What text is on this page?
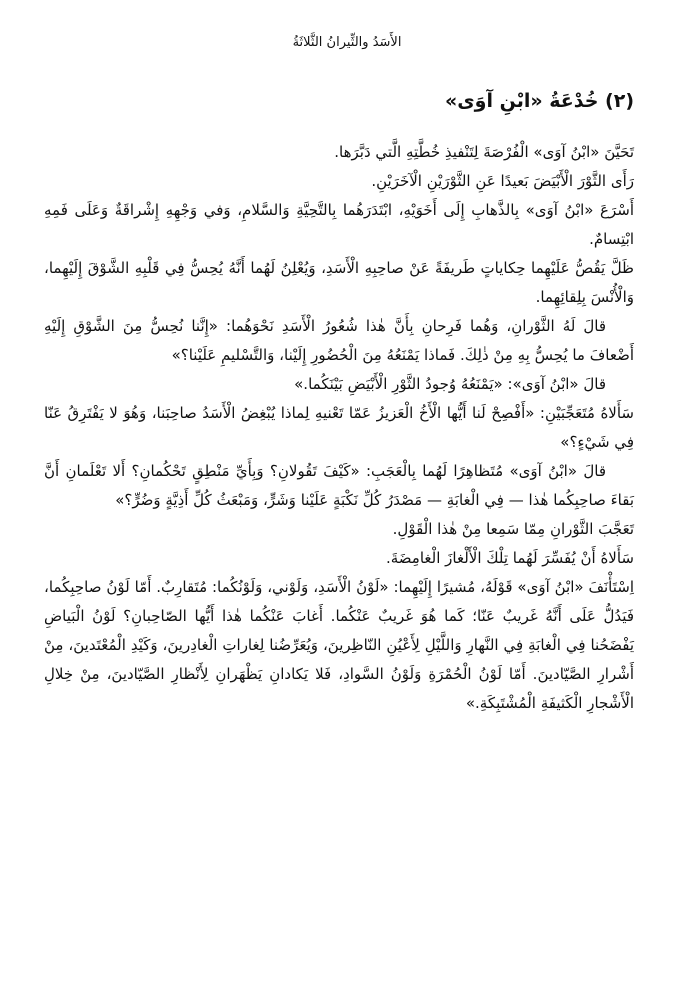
الأَسَدُ والثِّيرانُ الثَّلاثَةُ
(٢) خُدْعَةُ «ابْنِ آوَى»

تَحَيَّنَ «ابْنُ آوَى» الْفُرْصَةَ لِتَنْفيذِ خُطَّتِهِ الَّتي دَبَّرَها.

رَأَى الثَّوْرَ الْأَبْيَضَ بَعيدًا عَنِ الثَّوْرَيْنِ الْآخَرَيْنِ.

أَسْرَعَ «ابْنُ آوَى» بِالذَّهابِ إِلَى أَخَوَيْهِ، ابْتَدَرَهُما بِالتَّحِيَّةِ وَالسَّلامِ، وَفي وَجْهِهِ إِشْراقَةٌ وَعَلَى فَمِهِ ابْتِسامٌ.

ظَلَّ يَقُصُّ عَلَيْهِما حِكاياتٍ طَريفَةً عَنْ صاحِبِهِ الْأَسَدِ، وَيُعْلِنُ لَهُما أَنَّهُ يُحِسُّ فِي قَلْبِهِ الشَّوْقَ إِلَيْهِما، وَالْأُنْسَ بِلِقائِهِما.

قالَ لَهُ الثَّوْرانِ، وَهُما فَرِحانِ بِأَنَّ هٰذا شُعُورُ الْأَسَدِ نَحْوَهُما: «إِنَّنا نُحِسُّ مِنَ الشَّوْقِ إِلَيْهِ أَضْعافَ ما يُحِسُّ بِهِ مِنْ ذٰلِكَ. فَماذا يَمْنَعُهُ مِنَ الْحُضُورِ إِلَيْنا، وَالتَّسْليمِ عَلَيْنا؟»

قالَ «ابْنُ آوَى»: «يَمْنَعُهُ وُجودُ الثَّوْرِ الْأَبْيَضِ بَيْنَكُما.»

سَأَلاهُ مُتَعَجِّبَيْنِ: «أَفْصِحْ لَنا أَيُّها الْأَخُ الْعَزيزُ عَمّا تَعْنيهِ لِماذا يُبْغِضُ الْأَسَدُ صاحِبَنا، وَهُوَ لا يَفْتَرِقُ عَنّا فِي شَيْءٍ؟»

قالَ «ابْنُ آوَى» مُتَظاهِرًا لَهُما بِالْعَجَبِ: «كَيْفَ تَقُولانِ؟ وَبِأَيِّ مَنْطِقٍ تَحْكُمانِ؟ أَلا تَعْلَمانِ أَنَّ بَقاءَ صاحِبِكُما هٰذا — فِي الْغابَةِ — مَصْدَرُ كُلِّ نَكْبَةٍ عَلَيْنا وَشَرٍّ، وَمَبْعَثُ كُلِّ أَذِيَّةٍ وَضُرٍّ؟»

تَعَجَّبَ الثَّوْرانِ مِمّا سَمِعا مِنْ هٰذا الْقَوْلِ.

سَأَلاهُ أَنْ يُفَسِّرَ لَهُما تِلْكَ الْأَلْغازَ الْغامِضَةَ.

اِسْتَأْنَفَ «ابْنُ آوَى» قَوْلَهُ، مُشيرًا إِلَيْهِما: «لَوْنُ الْأَسَدِ، وَلَوْني، وَلَوْنُكُما: مُتَقارِبٌ. أَمّا لَوْنُ صاحِبِكُما، فَيَدُلُّ عَلَى أَنَّهُ غَريبٌ عَنّا؛ كَما هُوَ غَريبٌ عَنْكُما. أَغابَ عَنْكُما هٰذا أَيُّها الصّاحِبانِ؟ لَوْنُ الْبَياضِ يَفْضَحُنا فِي الْغابَةِ فِي النَّهارِ وَاللَّيْلِ لِأَعْيُنِ النّاظِرينَ، وَيُعَرِّضُنا لِغاراتِ الْغادِرينَ، وَكَيْدِ الْمُعْتَدينَ، مِنْ أَشْرارِ الصَّيّادينَ. أَمّا لَوْنُ الْحُمْرَةِ وَلَوْنُ السَّوادِ، فَلا يَكادانِ يَظْهَرانِ لِأَنْظارِ الصَّيّادينَ، مِنْ خِلالِ الْأَشْجارِ الْكَثيفَةِ الْمُشْتَبِكَةِ.»
